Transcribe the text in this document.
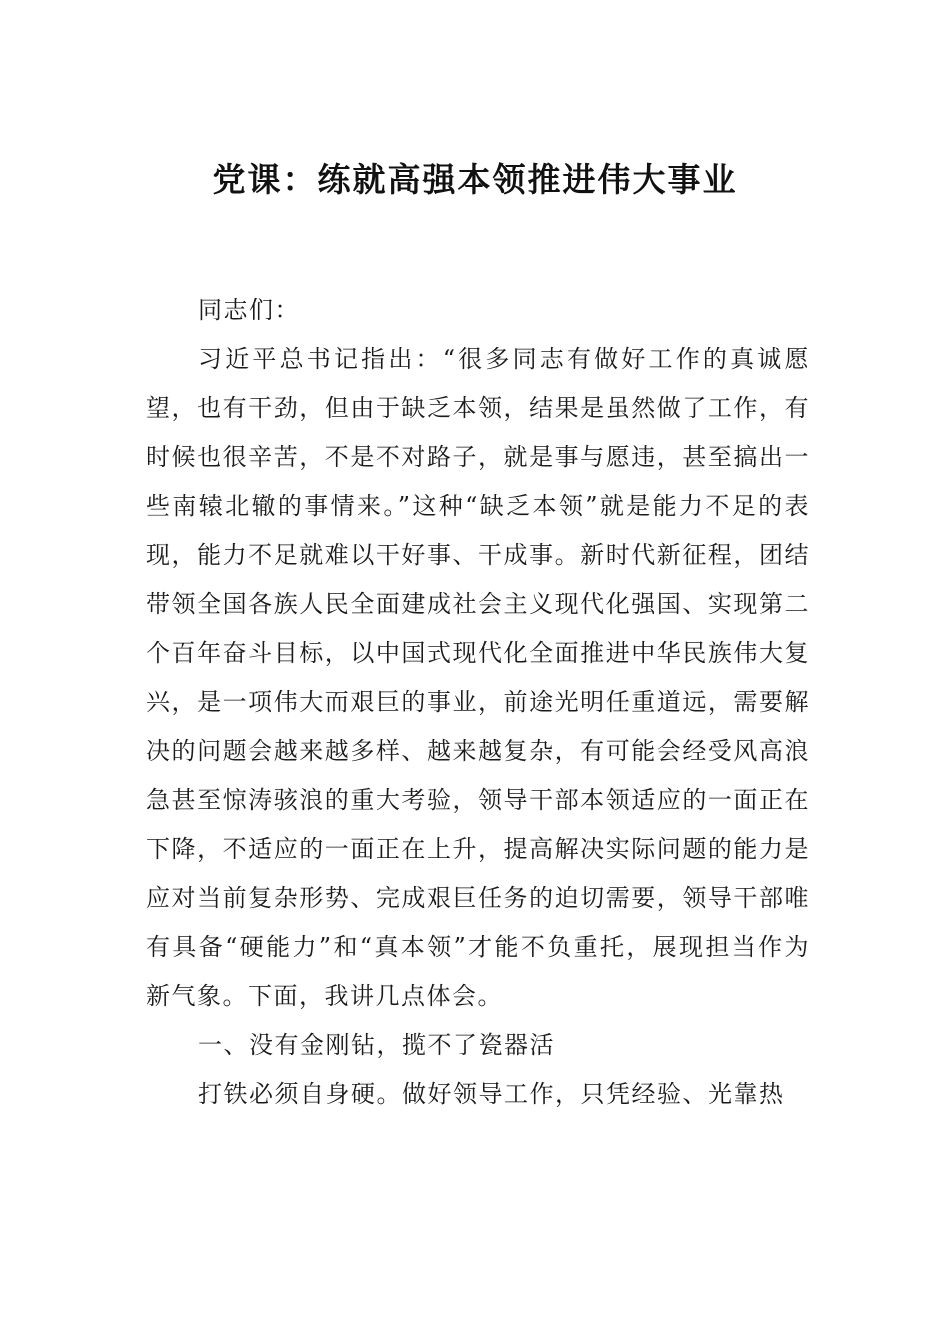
党课：练就高强本领推进伟大事业

同志们：

习近平总书记指出：“很多同志有做好工作的真诚愿望，也有干劲，但由于缺乏本领，结果是虽然做了工作，有时候也很辛苦，不是不对路子，就是事与愿违，甚至搞出一些南辕北辙的事情来。”这种“缺乏本领”就是能力不足的表现，能力不足就难以干好事、干成事。新时代新征程，团结带领全国各族人民全面建成社会主义现代化强国、实现第二个百年奋斗目标，以中国式现代化全面推进中华民族伟大复兴，是一项伟大而艰巨的事业，前途光明任重道远，需要解决的问题会越来越多样、越来越复杂，有可能会经受风高浪急甚至惊涛骇浪的重大考验，领导干部本领适应的一面正在下降，不适应的一面正在上升，提高解决实际问题的能力是应对当前复杂形势、完成艰巨任务的迫切需要，领导干部唯有具备“硬能力”和“真本领”才能不负重托，展现担当作为新气象。下面，我讲几点体会。

一、没有金刚钻，揽不了瓷器活

打铁必须自身硬。做好领导工作，只凭经验、光靠热
